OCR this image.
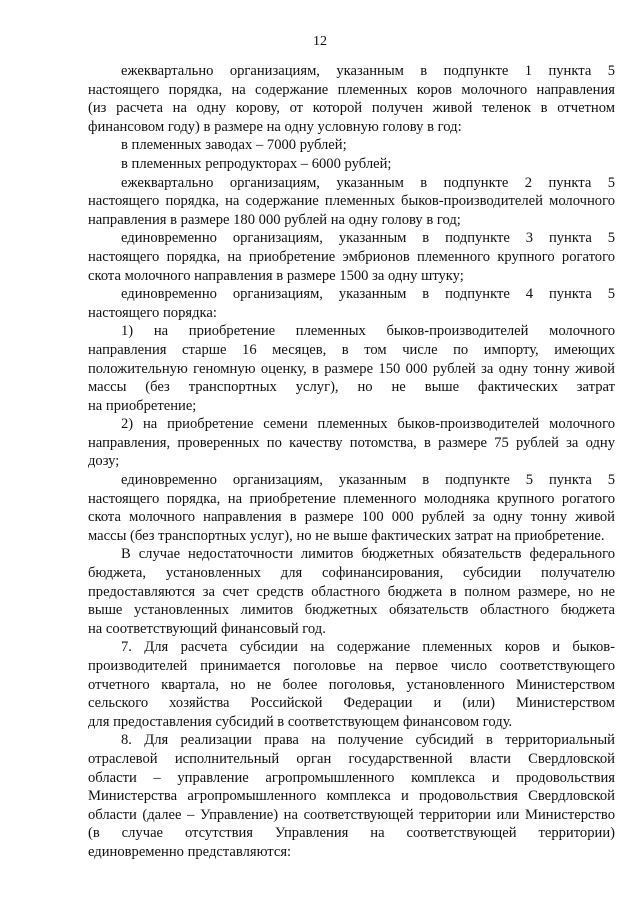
12

ежеквартально организациям, указанным в подпункте 1 пункта 5
настоящего порядка, на содержание племенных коров молочного направления
(из расчета на одну корову, от которой получен живой теленок в отчетном
финансовом году) в размере на одну условную голову в год:

в племенных заводах – 7000 рублей;

в племенных репродукторах – 6000 рублей;

ежеквартально организациям, указанным в подпункте 2 пункта 5
настоящего порядка, на содержание племенных быков-производителей молочного
направления в размере 180 000 рублей на одну голову в год;

единовременно организациям, указанным в подпункте 3 пункта 5
настоящего порядка, на приобретение эмбрионов племенного крупного рогатого
скота молочного направления в размере 1500 за одну штуку;

единовременно организациям, указанным в подпункте 4 пункта 5
настоящего порядка:

1) на приобретение племенных быков-производителей молочного
направления старше 16 месяцев, в том числе по импорту, имеющих
положительную геномную оценку, в размере 150 000 рублей за одну тонну живой
массы (без транспортных услуг), но не выше фактических затрат
на приобретение;

2) на приобретение семени племенных быков-производителей молочного
направления, проверенных по качеству потомства, в размере 75 рублей за одну
дозу;

единовременно организациям, указанным в подпункте 5 пункта 5
настоящего порядка, на приобретение племенного молодняка крупного рогатого
скота молочного направления в размере 100 000 рублей за одну тонну живой
массы (без транспортных услуг), но не выше фактических затрат на приобретение.

В случае недостаточности лимитов бюджетных обязательств федерального
бюджета, установленных для софинансирования, субсидии получателю
предоставляются за счет средств областного бюджета в полном размере, но не
выше установленных лимитов бюджетных обязательств областного бюджета
на соответствующий финансовый год.

7. Для расчета субсидии на содержание племенных коров и быков-
производителей принимается поголовье на первое число соответствующего
отчетного квартала, но не более поголовья, установленного Министерством
сельского хозяйства Российской Федерации и (или) Министерством
для предоставления субсидий в соответствующем финансовом году.

8. Для реализации права на получение субсидий в территориальный
отраслевой исполнительный орган государственной власти Свердловской
области – управление агропромышленного комплекса и продовольствия
Министерства агропромышленного комплекса и продовольствия Свердловской
области (далее – Управление) на соответствующей территории или Министерство
(в случае отсутствия Управления на соответствующей территории)
единовременно представляются:
